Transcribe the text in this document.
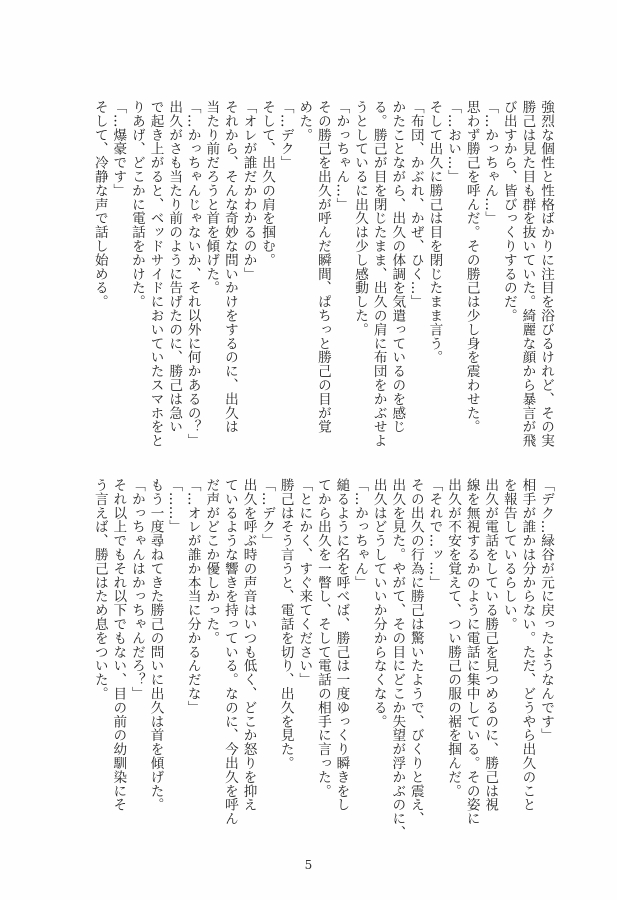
強烈な個性と性格ばかりに注目を浴びるけれど、その実
勝己は見た目も群を抜いていた。綺麗な顔から暴言が飛
び出すから、皆びっくりするのだ。
「…かっちゃん…」
思わず勝己を呼んだ。その勝己は少し身を震わせた。
「…おい…」
そして出久に勝己は目を閉じたまま言う。
「布団、かぶれ、かぜ、ひく…」
かたことながら、出久の体調を気遣っているのを感じ
る。勝己が目を閉じたまま、出久の肩に布団をかぶせよ
うとしているに出久は少し感動した。
「かっちゃん…」
その勝己を出久が呼んだ瞬間、ぱちっと勝己の目が覚
めた。
「…デク」
そして、出久の肩を掴む。
「オレが誰だかわかるのか」
それから、そんな奇妙な問いかけをするのに、出久は
当たり前だろうと首を傾げた。
「…かっちゃんじゃないか、それ以外に何かあるの？」
出久がさも当たり前のように告げたのに、勝己は急い
で起き上がると、ベッドサイドにおいていたスマホをと
りあげ、どこかに電話をかけた。
「…爆豪です」
そして、冷静な声で話し始める。
「デク…緑谷が元に戻ったようなんです」
相手が誰かは分からない。ただ、どうやら出久のこと
を報告しているらしい。
出久が電話をしている勝己を見つめるのに、勝己は視
線を無視するかのように電話に集中している。その姿に
出久が不安を覚えて、つい勝己の服の裾を掴んだ。
「それで…ッ…」
その出久の行為に勝己は驚いたようで、びくりと震え、
出久を見た。やがて、その目にどこか失望が浮かぶのに、
出久はどうしていいか分からなくなる。
「…かっちゃん」
縋るように名を呼べば、勝己は一度ゆっくり瞬きをし
てから出久を一瞥し、そして電話の相手に言った。
「とにかく、すぐ来てください」
勝己はそう言うと、電話を切り、出久を見た。
「…デク」
出久を呼ぶ時の声音はいつも低く、どこか怒りを抑え
ているような響きを持っている。なのに、今出久を呼ん
だ声がどこか優しかった。
「…オレが誰か本当に分かるんだな」
「……」
もう一度尋ねてきた勝己の問いに出久は首を傾げた。
「かっちゃんはかっちゃんだろ？」
それ以上でもそれ以下でもない、目の前の幼馴染にそ
う言えば、勝己はため息をついた。
5
